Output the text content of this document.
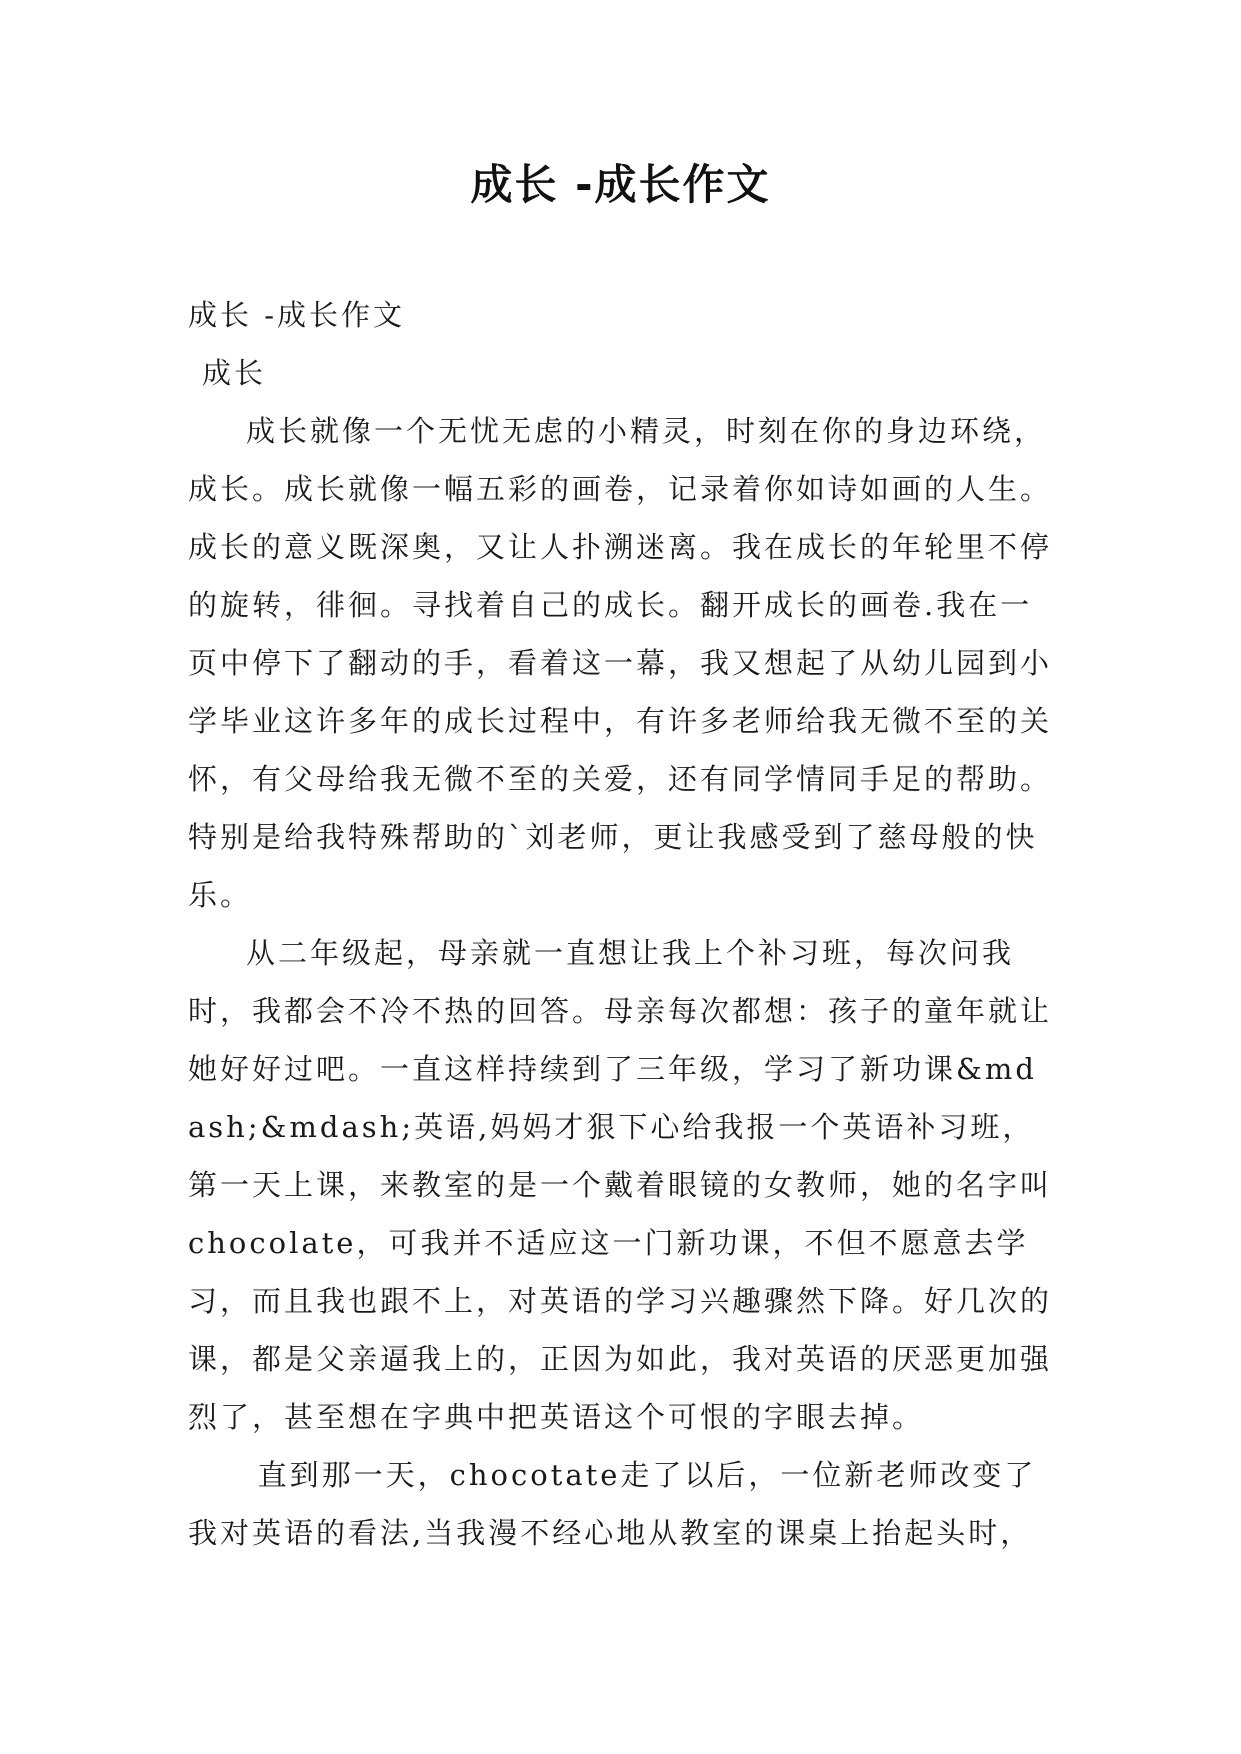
成长 -成长作文

成长 -成长作文

成长

成长就像一个无忧无虑的小精灵，时刻在你的身边环绕，成长。成长就像一幅五彩的画卷，记录着你如诗如画的人生。成长的意义既深奥，又让人扑溯迷离。我在成长的年轮里不停的旋转，徘徊。寻找着自己的成长。翻开成长的画卷.我在一页中停下了翻动的手，看着这一幕，我又想起了从幼儿园到小学毕业这许多年的成长过程中，有许多老师给我无微不至的关怀，有父母给我无微不至的关爱，还有同学情同手足的帮助。特别是给我特殊帮助的`刘老师，更让我感受到了慈母般的快乐。

从二年级起，母亲就一直想让我上个补习班，每次问我时，我都会不冷不热的回答。母亲每次都想：孩子的童年就让她好好过吧。一直这样持续到了三年级，学习了新功课&mdash;&mdash;英语,妈妈才狠下心给我报一个英语补习班，第一天上课，来教室的是一个戴着眼镜的女教师，她的名字叫chocolate，可我并不适应这一门新功课，不但不愿意去学习，而且我也跟不上，对英语的学习兴趣骤然下降。好几次的课，都是父亲逼我上的，正因为如此，我对英语的厌恶更加强烈了，甚至想在字典中把英语这个可恨的字眼去掉。

直到那一天，chocotate走了以后，一位新老师改变了我对英语的看法,当我漫不经心地从教室的课桌上抬起头时，
